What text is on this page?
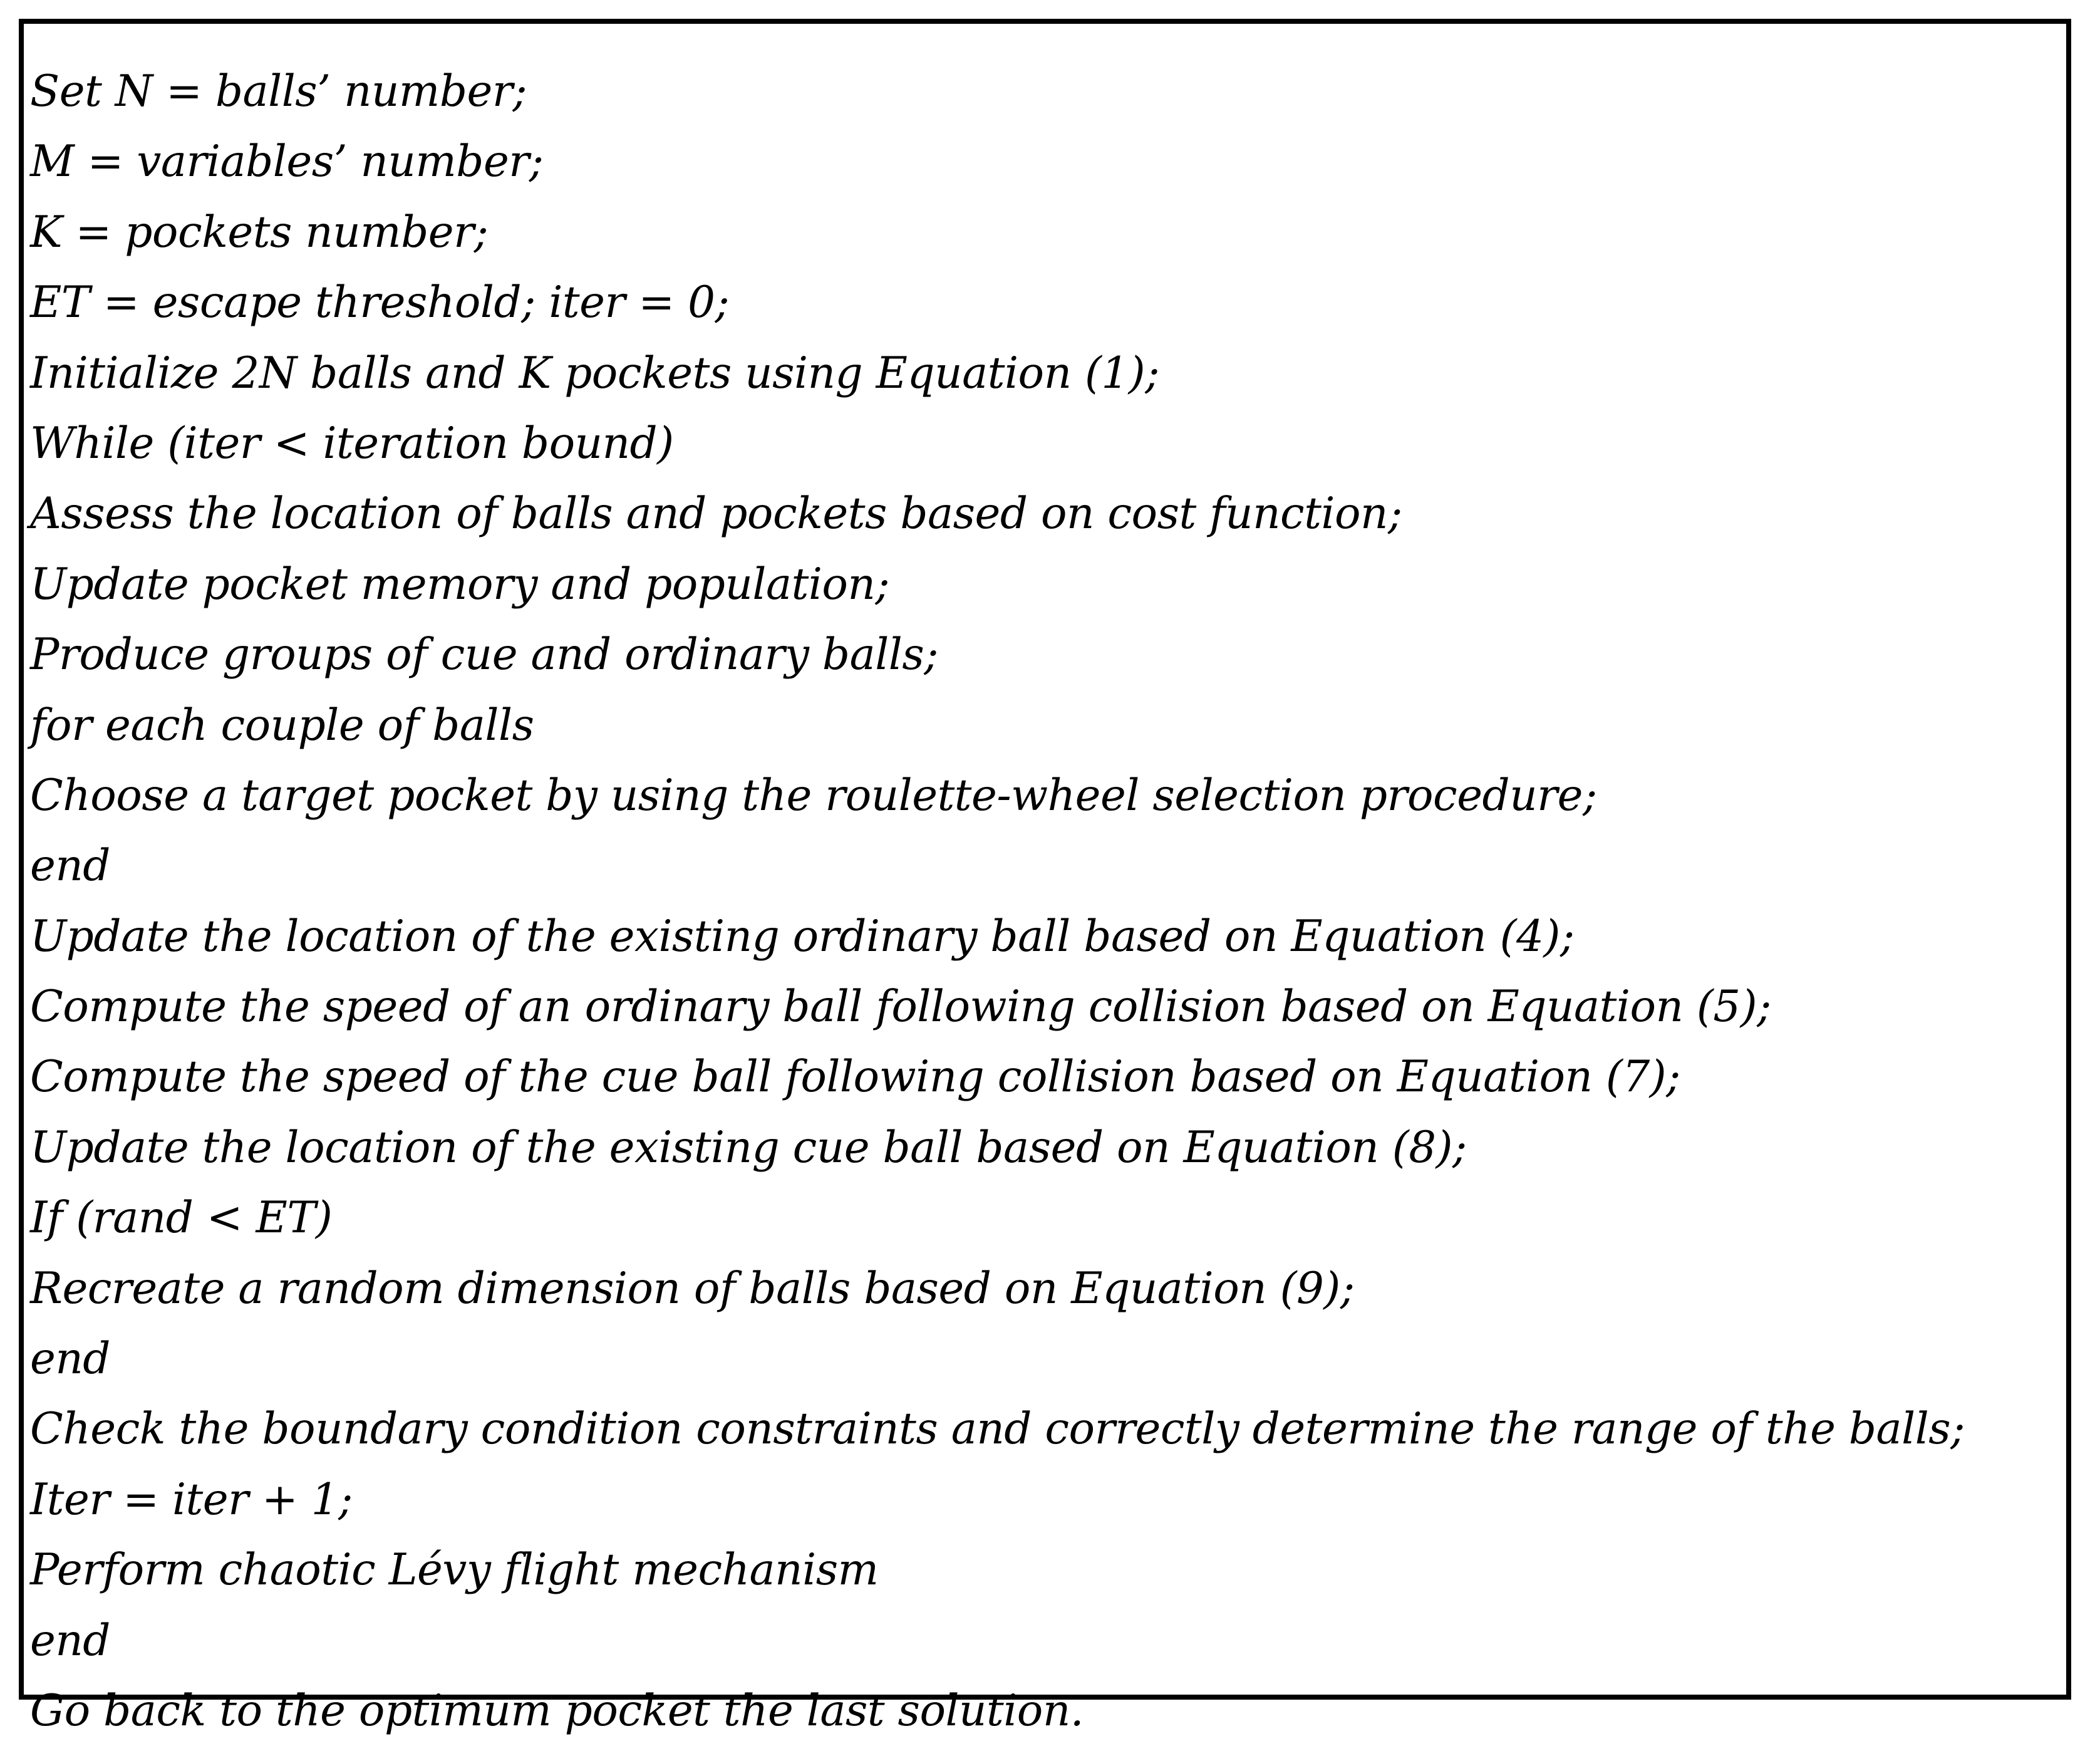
Set N = balls’ number;
M = variables’ number;
K = pockets number;
ET = escape threshold; iter = 0;
Initialize 2N balls and K pockets using Equation (1);
While (iter < iteration bound)
Assess the location of balls and pockets based on cost function;
Update pocket memory and population;
Produce groups of cue and ordinary balls;
for each couple of balls
Choose a target pocket by using the roulette-wheel selection procedure;
end
Update the location of the existing ordinary ball based on Equation (4);
Compute the speed of an ordinary ball following collision based on Equation (5);
Compute the speed of the cue ball following collision based on Equation (7);
Update the location of the existing cue ball based on Equation (8);
If (rand < ET)
Recreate a random dimension of balls based on Equation (9);
end
Check the boundary condition constraints and correctly determine the range of the balls;
Iter = iter + 1;
Perform chaotic Lévy flight mechanism
end
Go back to the optimum pocket the last solution.
